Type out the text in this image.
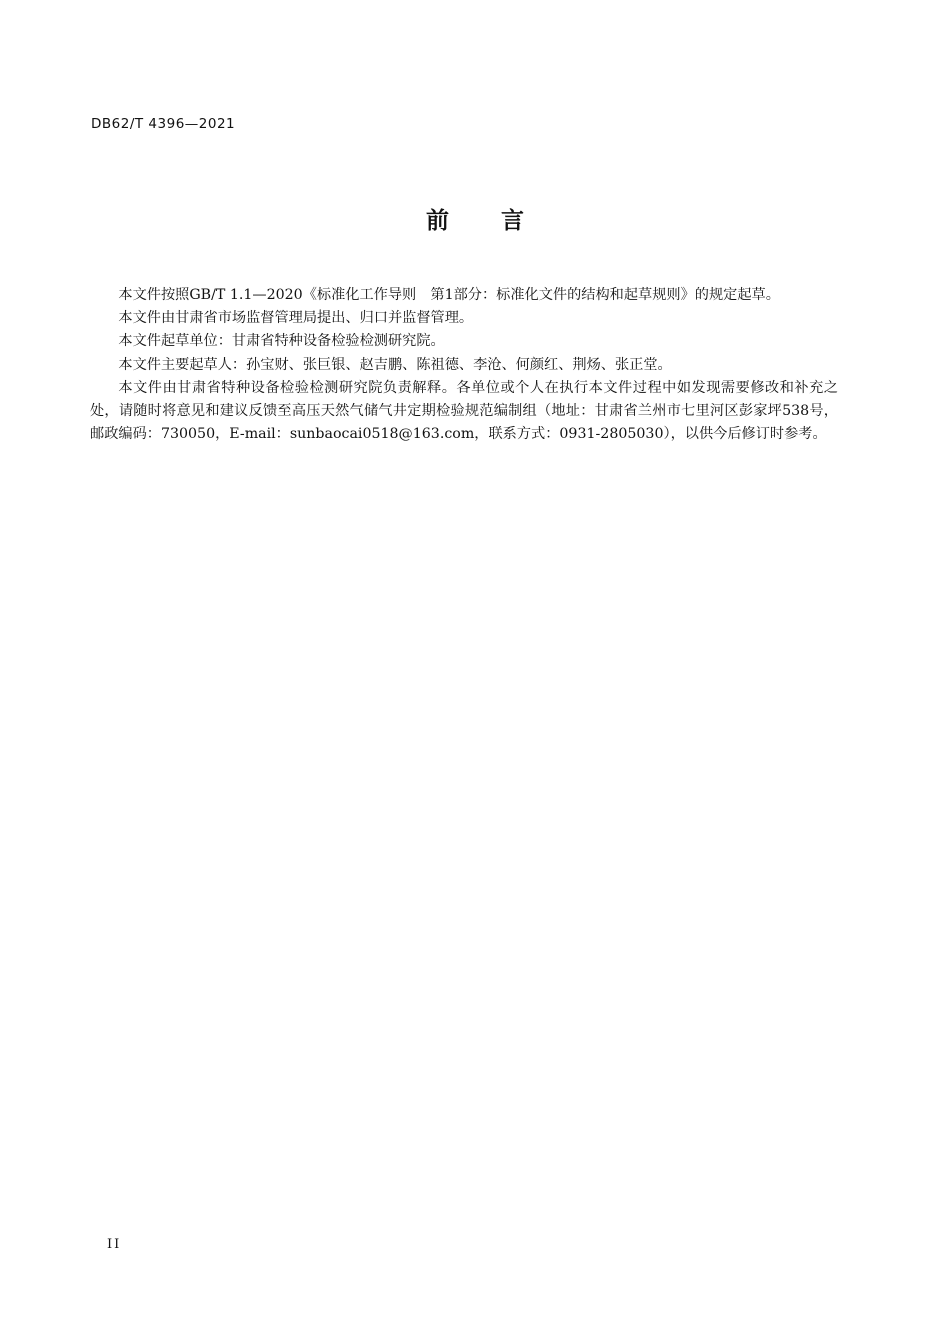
DB62/T 4396—2021
前言

本文件按照GB/T 1.1—2020《标准化工作导则　第1部分：标准化文件的结构和起草规则》的规定起草。

本文件由甘肃省市场监督管理局提出、归口并监督管理。

本文件起草单位：甘肃省特种设备检验检测研究院。

本文件主要起草人：孙宝财、张巨银、赵吉鹏、陈祖德、李沧、何颜红、荆炀、张正堂。

本文件由甘肃省特种设备检验检测研究院负责解释。各单位或个人在执行本文件过程中如发现需要修改和补充之处，请随时将意见和建议反馈至高压天然气储气井定期检验规范编制组（地址：甘肃省兰州市七里河区彭家坪538号，邮政编码：730050，E-mail：sunbaocai0518@163.com，联系方式：0931-2805030），以供今后修订时参考。

II
